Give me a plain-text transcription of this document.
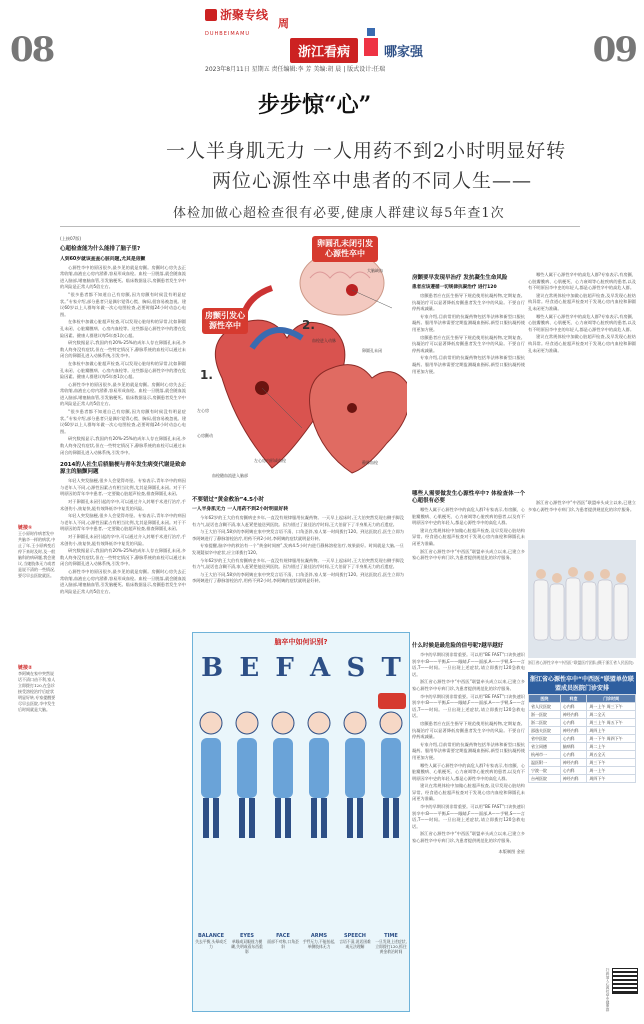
08	09
浙聚专线
DUHBEIMAMU
周
浙江看病	哪家强
2023年8月11日 星期五 责任编辑:李 芳 美编:胡 晨 | 版式设计:任瑞
步步惊“心”
一人半身肌无力 一人用药不到2小时明显好转
两位心源性卒中患者的不同人生——
体检加做心超检查很有必要,健康人群建议每5年查1次

(上接07版)

心超检查能为什么能排了脑子里?
人到60岁就该查查心脏问题,尤其是房颤

心源性卒中的原因很多,最多见的就是房颤。房颤时心房失去正常收缩,血液在心房内淤滞,容易形成血栓。血栓一旦脱落,就会随血流进入脑部,堵塞脑血管,引发脑梗死。临床数据显示,房颤患者发生卒中的风险是正常人的5倍左右。

“很多患者都不知道自己有房颤,因为房颤有时候没有明显症状。”专家介绍,部分患者只是偶尔觉得心慌、胸闷,很容易被忽视。建议60岁以上人群每年做一次心电图检查,必要时做24小时动态心电图。

在体检中加做心脏超声检查,可以发现心脏结构的异常,比如卵圆孔未闭、心脏瓣膜病、心房内血栓等。这些都是心源性卒中的潜在危险因素。健康人群建议每5年查1次心超。

研究数据显示,我国约有20%-25%的成年人存在卵圆孔未闭,多数人终身没有症状,但在一些特定情况下,静脉系统的血栓可以通过未闭合的卵圆孔进入动脉系统,引发卒中。

在体检中加做心脏超声检查,可以发现心脏结构的异常,比如卵圆孔未闭、心脏瓣膜病、心房内血栓等。这些都是心源性卒中的潜在危险因素。健康人群建议每5年查1次心超。

心源性卒中的原因很多,最多见的就是房颤。房颤时心房失去正常收缩,血液在心房内淤滞,容易形成血栓。血栓一旦脱落,就会随血流进入脑部,堵塞脑血管,引发脑梗死。临床数据显示,房颤患者发生卒中的风险是正常人的5倍左右。

“很多患者都不知道自己有房颤,因为房颤有时候没有明显症状。”专家介绍,部分患者只是偶尔觉得心慌、胸闷,很容易被忽视。建议60岁以上人群每年做一次心电图检查,必要时做24小时动态心电图。

研究数据显示,我国约有20%-25%的成年人存在卵圆孔未闭,多数人终身没有症状,但在一些特定情况下,静脉系统的血栓可以通过未闭合的卵圆孔进入动脉系统,引发卒中。

2014的人社生后骄脑梗与青年发生病变代谢是致命源主的脑颤问题

年轻人突发脑梗,很多人会觉得奇怪。专家表示,青年卒中的病因与老年人不同,心源性因素占有相当比例,尤其是卵圆孔未闭。对于不明原因的青年卒中患者,一定要做心脏超声检查,排查卵圆孔未闭。

对于卵圆孔未闭引起的卒中,可以通过介入封堵手术进行治疗,手术创伤小,恢复快,能有效降低卒中复发的风险。

年轻人突发脑梗,很多人会觉得奇怪。专家表示,青年卒中的病因与老年人不同,心源性因素占有相当比例,尤其是卵圆孔未闭。对于不明原因的青年卒中患者,一定要做心脏超声检查,排查卵圆孔未闭。

对于卵圆孔未闭引起的卒中,可以通过介入封堵手术进行治疗,手术创伤小,恢复快,能有效降低卒中复发的风险。

研究数据显示,我国约有20%-25%的成年人存在卵圆孔未闭,多数人终身没有症状,但在一些特定情况下,静脉系统的血栓可以通过未闭合的卵圆孔进入动脉系统,引发卒中。

心源性卒中的原因很多,最多见的就是房颤。房颤时心房失去正常收缩,血液在心房内淤滞,容易形成血栓。血栓一旦脱落,就会随血流进入脑部,堵塞脑血管,引发脑梗死。临床数据显示,房颤患者发生卒中的风险是正常人的5倍左右。

链接①
王小原时作病者发中共脑卒一样的病状,中止了年,王小原病变后停下来时及时,及一般脑科的病研题,我会建议,当她肢体无力或者是说不清的一些情况,要尽早去医院就医。
链接②
李阿姨在家中突然说话不清口齿不利,家人立即拨打120,在急诊接受溶栓治疗后症状明显好转,专家提醒要尽早去医院,卒中发生后时间就是大脑。
房颤引发心源性卒中
卵圆孔未闭引发心源性卒中
1.
2.
左心房
心房颤动
左心房内形成血栓
血栓随血流进入脑部
卵圆孔未闭
静脉血栓
血栓进入动脉
大脑缺血
不要错过“黄金救治”4.5小时
一人半身肌无力 一人用药不到2小时明显好转

今年62岁的王大伯有房颤病史多年,一直没有规律服用抗凝药物。一天早上起床时,王大伯突然发现右侧手脚没有力气,说话也含糊不清,家人赶紧把他送到医院。因为错过了最佳治疗时间,王大伯留下了半身肌无力的后遗症。

与王大伯不同,58岁的李阿姨在家中突发言语不清、口角歪斜,家人第一时间拨打120。到达医院后,医生立即为李阿姨进行了静脉溶栓治疗,用药不到2小时,李阿姨的症状就明显好转。

专家提醒,脑卒中的救治有一个“黄金时间窗”,发病4.5小时内进行静脉溶栓治疗,效果最好。时间就是大脑,一旦发现疑似卒中症状,应立即拨打120。

今年62岁的王大伯有房颤病史多年,一直没有规律服用抗凝药物。一天早上起床时,王大伯突然发现右侧手脚没有力气,说话也含糊不清,家人赶紧把他送到医院。因为错过了最佳治疗时间,王大伯留下了半身肌无力的后遗症。

与王大伯不同,58岁的李阿姨在家中突发言语不清、口角歪斜,家人第一时间拨打120。到达医院后,医生立即为李阿姨进行了静脉溶栓治疗,用药不到2小时,李阿姨的症状就明显好转。

脑卒中如何识别?
B E F A S T
BALANCE
失去平衡,头晕或乏力
EYES
单眼或双眼视力模糊,失明或看东西重影
FACE
面部不对称,口角歪斜
ARMS
手臂无力,不能抬起,单侧肢体无力
SPEECH
言语不清,说话困难或无法理解
TIME
一旦发现上述症状,立即拨打120,抓住黄金救治时间
房颤要早发现早治疗 发抗凝生生命风险
患者应该遵循一切规律抗凝治疗 进行120

房颤患者应在医生指导下规范使用抗凝药物,定期复查。抗凝治疗可以显著降低房颤患者发生卒中的风险。不要自行停药或减量。

专家介绍,目前常用的抗凝药物包括华法林和新型口服抗凝药。服用华法林需要定期监测凝血指标,新型口服抗凝药使用更加方便。

房颤患者应在医生指导下规范使用抗凝药物,定期复查。抗凝治疗可以显著降低房颤患者发生卒中的风险。不要自行停药或减量。

专家介绍,目前常用的抗凝药物包括华法林和新型口服抗凝药。服用华法林需要定期监测凝血指标,新型口服抗凝药使用更加方便。

哪些人属于心源性卒中的高危人群?专家表示,有房颤、心脏瓣膜病、心肌梗死、心力衰竭等心脏疾病的患者,以及有不明原因卒中史的年轻人,都是心源性卒中的高危人群。

建议在常规体检中加做心脏超声检查,及早发现心脏结构异常。经食道心脏超声检查对于发现心房内血栓和卵圆孔未闭更为准确。

哪些人属于心源性卒中的高危人群?专家表示,有房颤、心脏瓣膜病、心肌梗死、心力衰竭等心脏疾病的患者,以及有不明原因卒中史的年轻人,都是心源性卒中的高危人群。

建议在常规体检中加做心脏超声检查,及早发现心脏结构异常。经食道心脏超声检查对于发现心房内血栓和卵圆孔未闭更为准确。

哪些人需要做发生心源性卒中? 体检查体一个心超很有必要

哪些人属于心源性卒中的高危人群?专家表示,有房颤、心脏瓣膜病、心肌梗死、心力衰竭等心脏疾病的患者,以及有不明原因卒中史的年轻人,都是心源性卒中的高危人群。

建议在常规体检中加做心脏超声检查,及早发现心脏结构异常。经食道心脏超声检查对于发现心房内血栓和卵圆孔未闭更为准确。

浙江省心源性卒中“中西医”联盟牵头成立以来,已建立多家心源性卒中专病门诊,为患者提供规范化的诊疗服务。

浙江省心源性卒中“中西医”联盟牵头成立以来,已建立多家心源性卒中专病门诊,为患者提供规范化的诊疗服务。

浙江省心源性卒中“中西医”联盟医疗团队(摄于浙江省人民医院)
什么时候是最危险的信号呢?越早越好

卒中的早期识别非常重要。可以用“BE FAST”口诀快速识别卒中:B——平衡,E——眼睛,F——面部,A——手臂,S——言语,T——时间。一旦出现上述症状,请立即拨打120急救电话。

浙江省心源性卒中“中西医”联盟牵头成立以来,已建立多家心源性卒中专病门诊,为患者提供规范化的诊疗服务。

卒中的早期识别非常重要。可以用“BE FAST”口诀快速识别卒中:B——平衡,E——眼睛,F——面部,A——手臂,S——言语,T——时间。一旦出现上述症状,请立即拨打120急救电话。

房颤患者应在医生指导下规范使用抗凝药物,定期复查。抗凝治疗可以显著降低房颤患者发生卒中的风险。不要自行停药或减量。

专家介绍,目前常用的抗凝药物包括华法林和新型口服抗凝药。服用华法林需要定期监测凝血指标,新型口服抗凝药使用更加方便。

哪些人属于心源性卒中的高危人群?专家表示,有房颤、心脏瓣膜病、心肌梗死、心力衰竭等心脏疾病的患者,以及有不明原因卒中史的年轻人,都是心源性卒中的高危人群。

建议在常规体检中加做心脏超声检查,及早发现心脏结构异常。经食道心脏超声检查对于发现心房内血栓和卵圆孔未闭更为准确。

卒中的早期识别非常重要。可以用“BE FAST”口诀快速识别卒中:B——平衡,E——眼睛,F——面部,A——手臂,S——言语,T——时间。一旦出现上述症状,请立即拨打120急救电话。

浙江省心源性卒中“中西医”联盟牵头成立以来,已建立多家心源性卒中专病门诊,为患者提供规范化的诊疗服务。

本版制图 金星

浙江省心源性卒中“中西医”联盟单位联盟成员医院门诊安排
医院	科室	门诊时间
省人民医院	心内科	周一上午 周三下午
浙一医院	神经内科	周二全天
浙二医院	心内科	周三上午 周五下午
邵逸夫医院	神经内科	周四上午
省中医院	心内科	周一下午 周四下午
省立同德	脑病科	周二上午
杭州市一	心内科	周五全天
温医附一	神经内科	周三下午
宁波一院	心内科	周一上午
台州医院	神经内科	周四下午
扫码加入心源性卒中健康群
